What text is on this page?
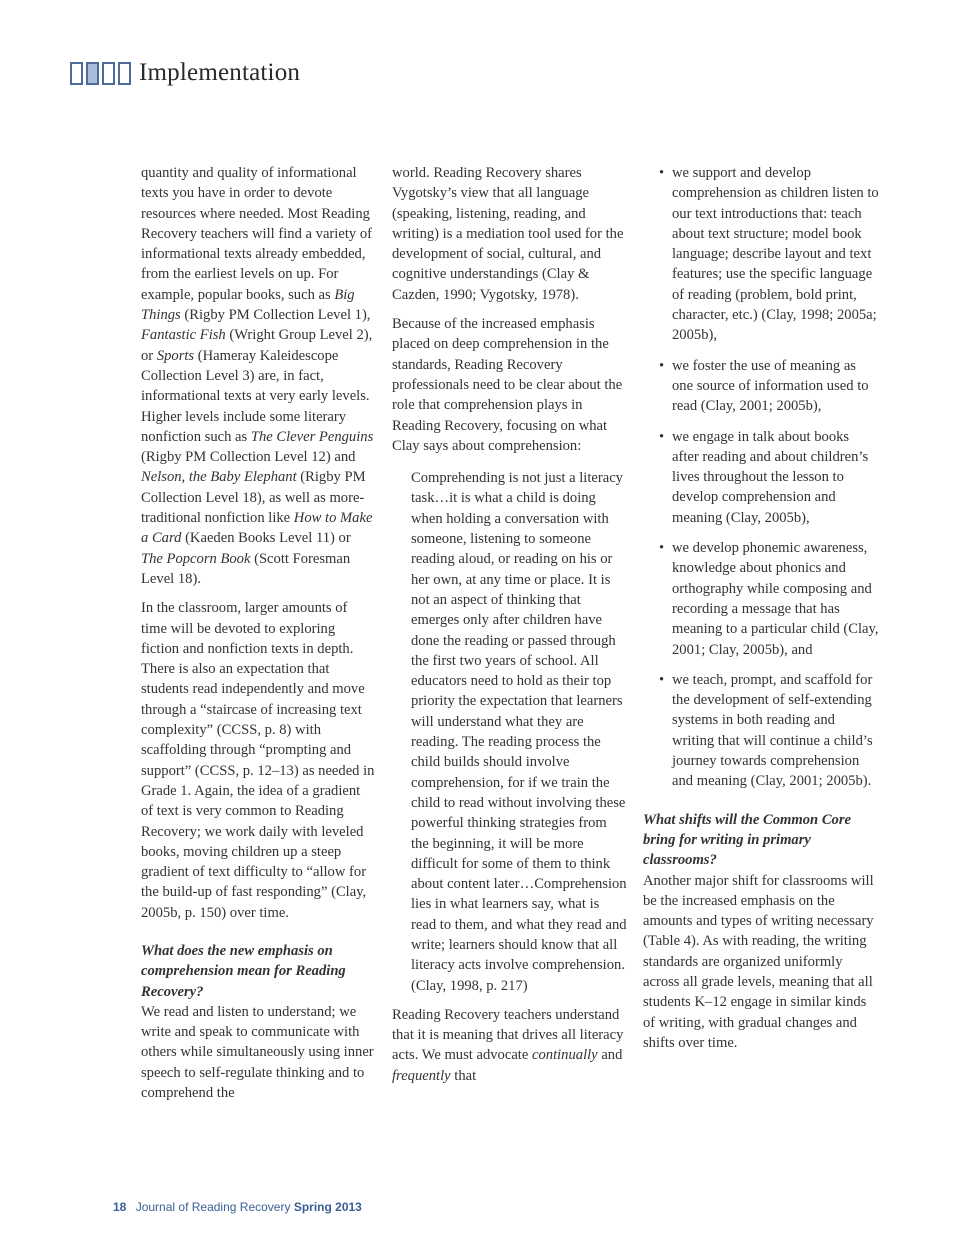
Implementation

quantity and quality of informational texts you have in order to devote resources where needed. Most Reading Recovery teachers will find a variety of informational texts already embedded, from the earliest levels on up. For example, popular books, such as Big Things (Rigby PM Collection Level 1), Fantastic Fish (Wright Group Level 2), or Sports (Hameray Kaleidescope Collection Level 3) are, in fact, informational texts at very early levels. Higher levels include some literary nonfiction such as The Clever Penguins (Rigby PM Collection Level 12) and Nelson, the Baby Elephant (Rigby PM Collection Level 18), as well as more-traditional nonfiction like How to Make a Card (Kaeden Books Level 11) or The Popcorn Book (Scott Foresman Level 18).

In the classroom, larger amounts of time will be devoted to exploring fiction and nonfiction texts in depth. There is also an expectation that students read independently and move through a “staircase of increasing text complexity” (CCSS, p. 8) with scaffolding through “prompting and support” (CCSS, p. 12–13) as needed in Grade 1. Again, the idea of a gradient of text is very common to Reading Recovery; we work daily with leveled books, moving children up a steep gradient of text difficulty to “allow for the build-up of fast responding” (Clay, 2005b, p. 150) over time.

What does the new emphasis on comprehension mean for Reading Recovery?

We read and listen to understand; we write and speak to communicate with others while simultaneously using inner speech to self-regulate thinking and to comprehend the

world. Reading Recovery shares Vygotsky’s view that all language (speaking, listening, reading, and writing) is a mediation tool used for the development of social, cultural, and cognitive understandings (Clay & Cazden, 1990; Vygotsky, 1978).

Because of the increased emphasis placed on deep comprehension in the standards, Reading Recovery professionals need to be clear about the role that comprehension plays in Reading Recovery, focusing on what Clay says about comprehension:

Comprehending is not just a literacy task…it is what a child is doing when holding a conversation with someone, listening to someone reading aloud, or reading on his or her own, at any time or place. It is not an aspect of thinking that emerges only after children have done the reading or passed through the first two years of school. All educators need to hold as their top priority the expectation that learners will understand what they are reading. The reading process the child builds should involve comprehension, for if we train the child to read without involving these powerful thinking strategies from the beginning, it will be more difficult for some of them to think about content later…Comprehension lies in what learners say, what is read to them, and what they read and write; learners should know that all literacy acts involve comprehension. (Clay, 1998, p. 217)

Reading Recovery teachers understand that it is meaning that drives all literacy acts. We must advocate continually and frequently that

• we support and develop comprehension as children listen to our text introductions that: teach about text structure; model book language; describe layout and text features; use the specific language of reading (problem, bold print, character, etc.) (Clay, 1998; 2005a; 2005b),
• we foster the use of meaning as one source of information used to read (Clay, 2001; 2005b),
• we engage in talk about books after reading and about children’s lives throughout the lesson to develop comprehension and meaning (Clay, 2005b),
• we develop phonemic awareness, knowledge about phonics and orthography while composing and recording a message that has meaning to a particular child (Clay, 2001; Clay, 2005b), and
• we teach, prompt, and scaffold for the development of self-extending systems in both reading and writing that will continue a child’s journey towards comprehension and meaning (Clay, 2001; 2005b).

What shifts will the Common Core bring for writing in primary classrooms?

Another major shift for classrooms will be the increased emphasis on the amounts and types of writing necessary (Table 4). As with reading, the writing standards are organized uniformly across all grade levels, meaning that all students K–12 engage in similar kinds of writing, with gradual changes and shifts over time.

18 Journal of Reading Recovery Spring 2013
